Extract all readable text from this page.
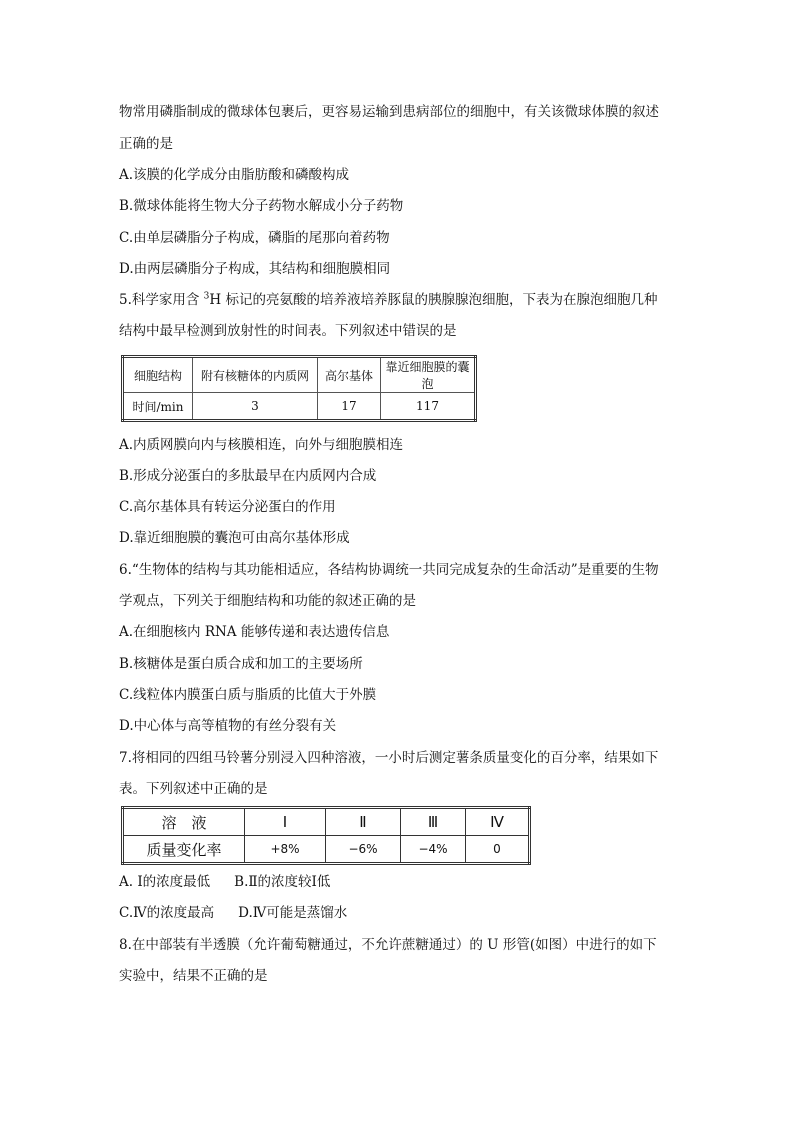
物常用磷脂制成的微球体包裹后，更容易运输到患病部位的细胞中，有关该微球体膜的叙述
正确的是
A.该膜的化学成分由脂肪酸和磷酸构成
B.微球体能将生物大分子药物水解成小分子药物
C.由单层磷脂分子构成，磷脂的尾那向着药物
D.由两层磷脂分子构成，其结构和细胞膜相同
5.科学家用含 $^3$H 标记的亮氨酸的培养液培养豚鼠的胰腺腺泡细胞，下表为在腺泡细胞几种
结构中最早检测到放射性的时间表。下列叙述中错误的是
细胞结构	附有核糖体的内质网	高尔基体	靠近细胞膜的囊泡
时间/min	3	17	117
A.内质网膜向内与核膜相连，向外与细胞膜相连
B.形成分泌蛋白的多肽最早在内质网内合成
C.高尔基体具有转运分泌蛋白的作用
D.靠近细胞膜的囊泡可由高尔基体形成
6.“生物体的结构与其功能相适应，各结构协调统一共同完成复杂的生命活动”是重要的生物
学观点，下列关于细胞结构和功能的叙述正确的是
A.在细胞核内 RNA 能够传递和表达遗传信息
B.核糖体是蛋白质合成和加工的主要场所
C.线粒体内膜蛋白质与脂质的比值大于外膜
D.中心体与高等植物的有丝分裂有关
7.将相同的四组马铃薯分别浸入四种溶液，一小时后测定薯条质量变化的百分率，结果如下
表。下列叙述中正确的是
溶　液	Ⅰ	Ⅱ	Ⅲ	Ⅳ
质量变化率	+8%	−6%	−4%	0
A. Ⅰ的浓度最低 B.Ⅱ的浓度较Ⅰ低
C.Ⅳ的浓度最高 D.Ⅳ可能是蒸馏水
8.在中部装有半透膜（允许葡萄糖通过，不允许蔗糖通过）的 U 形管(如图）中进行的如下
实验中，结果不正确的是
